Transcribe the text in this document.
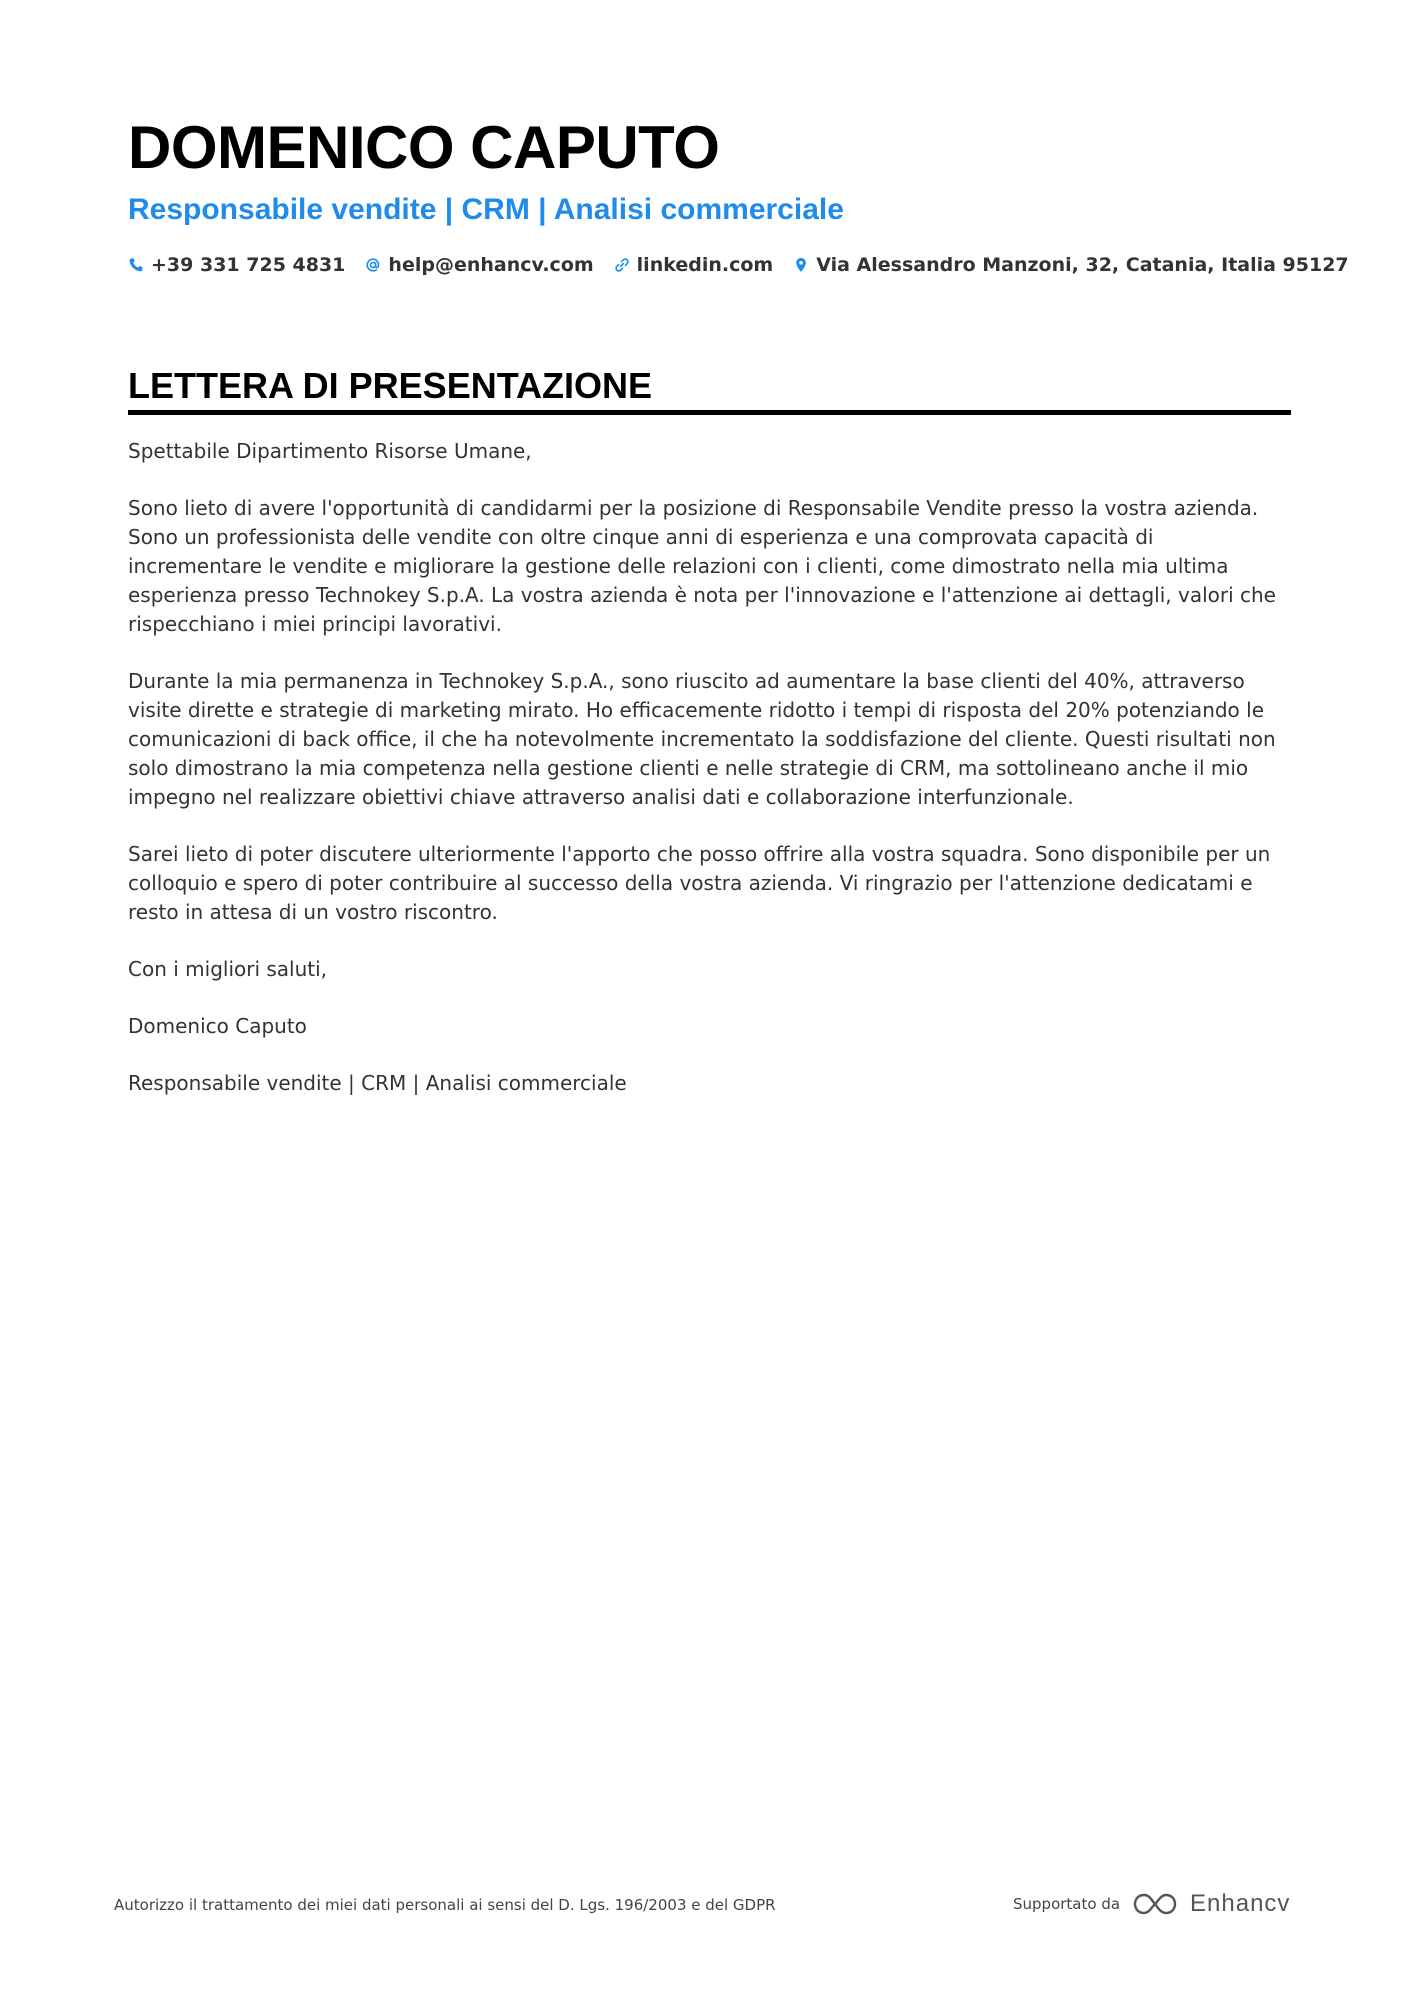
DOMENICO CAPUTO
Responsabile vendite | CRM | Analisi commerciale
+39 331 725 4831 help@enhancv.com linkedin.com Via Alessandro Manzoni, 32, Catania, Italia 95127
LETTERA DI PRESENTAZIONE

Spettabile Dipartimento Risorse Umane,

Sono lieto di avere l'opportunità di candidarmi per la posizione di Responsabile Vendite presso la vostra azienda. Sono un professionista delle vendite con oltre cinque anni di esperienza e una comprovata capacità di incrementare le vendite e migliorare la gestione delle relazioni con i clienti, come dimostrato nella mia ultima esperienza presso Technokey S.p.A. La vostra azienda è nota per l'innovazione e l'attenzione ai dettagli, valori che rispecchiano i miei principi lavorativi.

Durante la mia permanenza in Technokey S.p.A., sono riuscito ad aumentare la base clienti del 40%, attraverso visite dirette e strategie di marketing mirato. Ho efficacemente ridotto i tempi di risposta del 20% potenziando le comunicazioni di back office, il che ha notevolmente incrementato la soddisfazione del cliente. Questi risultati non solo dimostrano la mia competenza nella gestione clienti e nelle strategie di CRM, ma sottolineano anche il mio impegno nel realizzare obiettivi chiave attraverso analisi dati e collaborazione interfunzionale.

Sarei lieto di poter discutere ulteriormente l'apporto che posso offrire alla vostra squadra. Sono disponibile per un colloquio e spero di poter contribuire al successo della vostra azienda. Vi ringrazio per l'attenzione dedicatami e resto in attesa di un vostro riscontro.

Con i migliori saluti,

Domenico Caputo

Responsabile vendite | CRM | Analisi commerciale

Autorizzo il trattamento dei miei dati personali ai sensi del D. Lgs. 196/2003 e del GDPR	Supportato da	Enhancv
